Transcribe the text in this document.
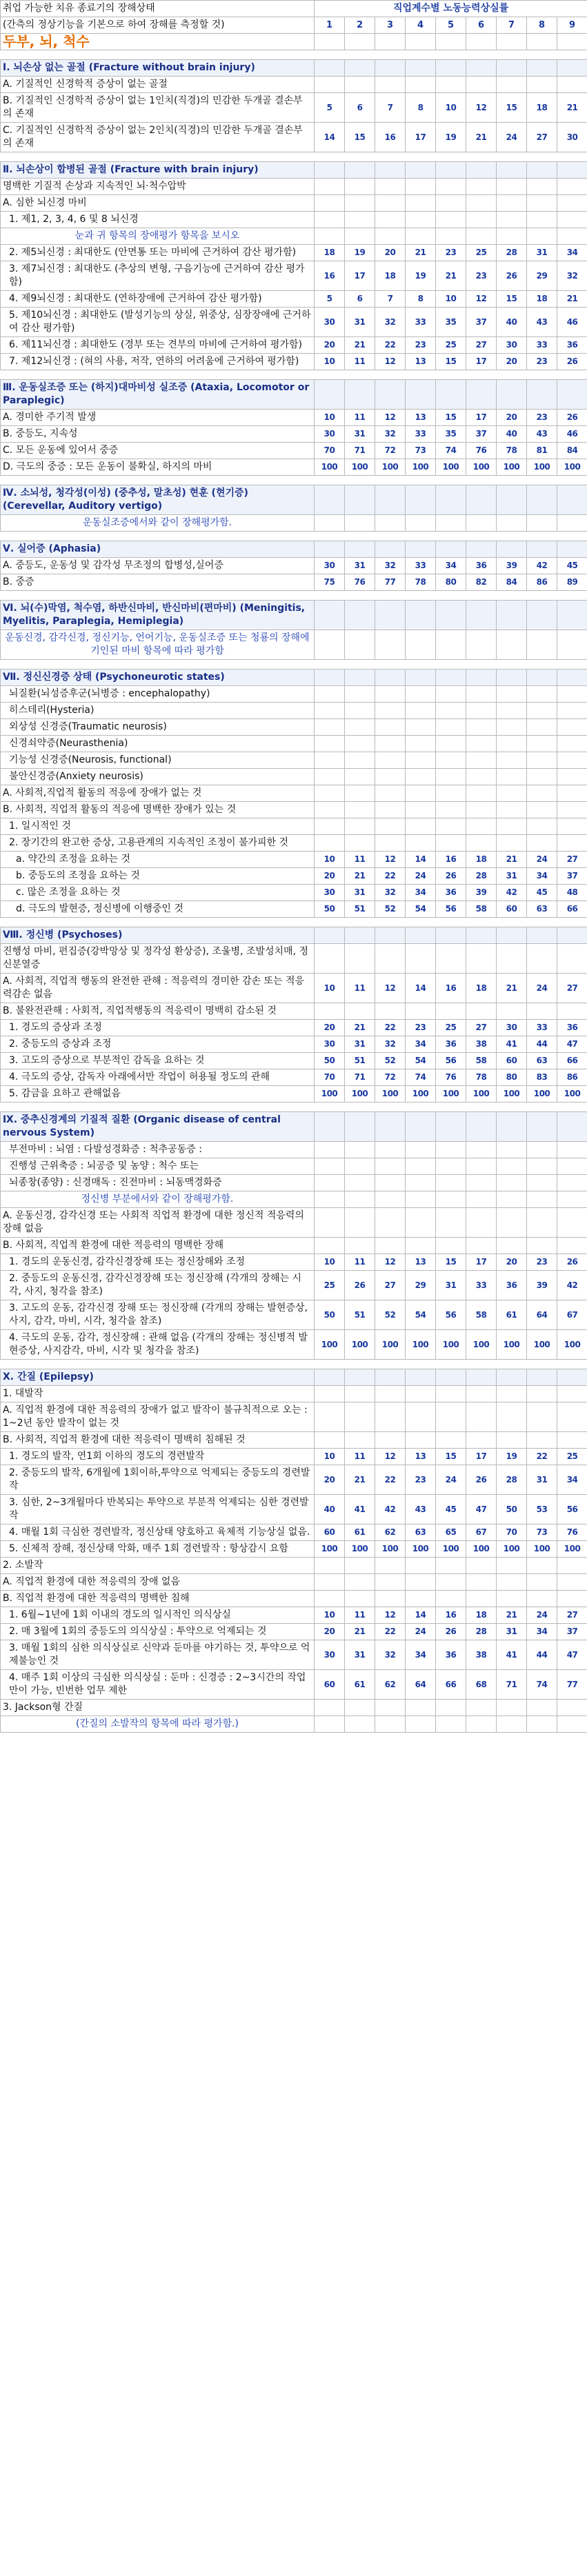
취업 가능한 치유 종료기의 장해상태	직업계수별 노동능력상실률								
(간측의 정상기능을 기본으로 하여 장해를 측정할 것)	1	2	3	4	5	6	7	8	9
두부, 뇌, 척수									

Ⅰ. 뇌손상 없는 골절 (Fracture without brain injury)									
A. 기질적인 신경학적 증상이 없는 골절									
B. 기질적인 신경학적 증상이 없는 1인치(직경)의 민감한 두개골 결손부의 존재	5	6	7	8	10	12	15	18	21
C. 기질적인 신경학적 증상이 없는 2인치(직경)의 민감한 두개골 결손부의 존재	14	15	16	17	19	21	24	27	30

Ⅱ. 뇌손상이 합병된 골절 (Fracture with brain injury)									
명백한 기질적 손상과 지속적인 뇌·척수압박									
A. 심한 뇌신경 마비									
1. 제1, 2, 3, 4, 6 및 8 뇌신경									
눈과 귀 항목의 장애평가 항목을 보시오									
2. 제5뇌신경 : 최대한도 (안면통 또는 마비에 근거하여 감산 평가함)	18	19	20	21	23	25	28	31	34
3. 제7뇌신경 : 최대한도 (추상의 변형, 구음기능에 근거하여 감산 평가함)	16	17	18	19	21	23	26	29	32
4. 제9뇌신경 : 최대한도 (연하장애에 근거하여 감산 평가함)	5	6	7	8	10	12	15	18	21
5. 제10뇌신경 : 최대한도 (발성기능의 상실, 위중상, 심장장애에 근거하여 감산 평가함)	30	31	32	33	35	37	40	43	46
6. 제11뇌신경 : 최대한도 (경부 또는 견부의 마비에 근거하여 평가함)	20	21	22	23	25	27	30	33	36
7. 제12뇌신경 : (혀의 사용, 저작, 연하의 어려움에 근거하여 평가함)	10	11	12	13	15	17	20	23	26

Ⅲ. 운동실조증 또는 (하지)대마비성 실조증 (Ataxia, Locomotor or Paraplegic)									
A. 경미한 주기적 발생	10	11	12	13	15	17	20	23	26
B. 중등도, 지속성	30	31	32	33	35	37	40	43	46
C. 모든 운동에 있어서 중증	70	71	72	73	74	76	78	81	84
D. 극도의 중증 : 모든 운동이 불확실, 하지의 마비	100	100	100	100	100	100	100	100	100

Ⅳ. 소뇌성, 청각성(이성) (중추성, 말초성) 현훈 (현기증) (Cerevellar, Auditory vertigo)									
운동실조증에서와 같이 장해평가함.									

Ⅴ. 실어증 (Aphasia)									
A. 중등도, 운동성 및 감각성 무조정의 합병성,실어증	30	31	32	33	34	36	39	42	45
B. 중증	75	76	77	78	80	82	84	86	89

Ⅵ. 뇌(수)막염, 척수염, 하반신마비, 반신마비(편마비) (Meningitis, Myelitis, Paraplegia, Hemiplegia)									
운동신경, 감각신경, 정신기능, 언어기능, 운동실조증 또는 청룡의 장해에 기인된 마비 항목에 따라 평가함									

Ⅶ. 정신신경증 상태 (Psychoneurotic states)									
뇌질환(뇌성증후군(뇌병증 : encephalopathy)									
히스테리(Hysteria)									
외상성 신경증(Traumatic neurosis)									
신경쇠약증(Neurasthenia)									
기능성 신경증(Neurosis, functional)									
불안신경증(Anxiety neurosis)									
A. 사회적,직업적 활동의 적응에 장애가 없는 것									
B. 사회적, 직업적 활동의 적응에 명백한 장애가 있는 것									
1. 일시적인 것									
2. 장기간의 완고한 증상, 고용관계의 지속적인 조정이 불가피한 것									
a. 약간의 조정을 요하는 것	10	11	12	14	16	18	21	24	27
b. 중등도의 조정을 요하는 것	20	21	22	24	26	28	31	34	37
c. 많은 조정을 요하는 것	30	31	32	34	36	39	42	45	48
d. 극도의 발현증, 정신병에 이행중인 것	50	51	52	54	56	58	60	63	66

Ⅷ. 정신병 (Psychoses)									
진행성 마비, 편집증(강박망상 및 정각성 환상증), 조울병, 조발성치매, 정신분열증									
A. 사회적, 직업적 행동의 완전한 관해 : 적응력의 경미한 감손 또는 적응력감손 없음	10	11	12	14	16	18	21	24	27
B. 불완전관해 : 사회적, 직업적행동의 적응력이 명백히 감소된 것									
1. 경도의 증상과 조정	20	21	22	23	25	27	30	33	36
2. 중등도의 증상과 조정	30	31	32	34	36	38	41	44	47
3. 고도의 증상으로 부분적인 감독을 요하는 것	50	51	52	54	56	58	60	63	66
4. 극도의 증상, 감독자 아래에서만 작업이 허용될 정도의 관해	70	71	72	74	76	78	80	83	86
5. 감금을 요하고 관해없음	100	100	100	100	100	100	100	100	100

Ⅸ. 중추신경계의 기질적 질환 (Organic disease of central nervous System)									
부전마비 : 뇌염 : 다발성경화증 : 척추공동증 :									
진행성 근위축증 : 뇌공증 및 농양 : 척수 또는									
뇌종창(종양) : 신경매독 : 진전마비 : 뇌동맥경화증									
정신병 부분에서와 같이 장해평가함.									
A. 운동신경, 감각신경 또는 사회적 직업적 환경에 대한 정신적 적응력의 장해 없음									
B. 사회적, 직업적 환경에 대한 적응력의 명백한 장해									
1. 경도의 운동신경, 감각신경장해 또는 정신장해와 조정	10	11	12	13	15	17	20	23	26
2. 중등도의 운동신경, 감각신경장해 또는 정신장해 (각개의 장해는 시각, 사지, 청각을 참조)	25	26	27	29	31	33	36	39	42
3. 고도의 운동, 감각신경 장해 또는 정신장해 (각개의 장해는 발현증상, 사지, 감각, 마비, 시각, 청각을 참조)	50	51	52	54	56	58	61	64	67
4. 극도의 운동, 감각, 정신장해 : 관해 없음 (각개의 장해는 정신병적 발현증상, 사지감각, 마비, 시각 및 청각을 참조)	100	100	100	100	100	100	100	100	100

Ⅹ. 간질 (Epilepsy)									
1. 대발작									
A. 직업적 환경에 대한 적응력의 장애가 없고 발작이 불규칙적으로 오는 : 1~2년 동안 발작이 없는 것									
B. 사회적, 직업적 환경에 대한 적응력이 명백히 침해된 것									
1. 경도의 발작, 연1회 이하의 경도의 경련발작	10	11	12	13	15	17	19	22	25
2. 중등도의 발작, 6개월에 1회이하,투약으로 억제되는 중등도의 경련발작	20	21	22	23	24	26	28	31	34
3. 심한, 2~3개월마다 반복되는 투약으로 부분적 억제되는 심한 경련발작	40	41	42	43	45	47	50	53	56
4. 매월 1회 극심한 경련발작, 정신상태 양호하고 육체적 기능상실 없음.	60	61	62	63	65	67	70	73	76
5. 신체적 장해, 정신상태 악화, 매주 1회 경련발작 : 항상감시 요함	100	100	100	100	100	100	100	100	100
2. 소발작									
A. 직업적 환경에 대한 적응력의 장애 없음									
B. 직업적 환경에 대한 적응력의 명백한 침해									
1. 6월~1년에 1회 이내의 경도의 일시적인 의식상실	10	11	12	14	16	18	21	24	27
2. 매 3월에 1회의 중등도의 의식상실 : 투약으로 억제되는 것	20	21	22	24	26	28	31	34	37
3. 매월 1회의 심한 의식상실로 신약과 둔마를 야기하는 것, 투약으로 억제불능인 것	30	31	32	34	36	38	41	44	47
4. 매주 1회 이상의 극심한 의식상실 : 둔마 : 신경증 : 2~3시간의 작업만이 가능, 빈번한 업무 제한	60	61	62	64	66	68	71	74	77
3. Jackson형 간질									
(간질의 소발작의 항목에 따라 평가함.)									
